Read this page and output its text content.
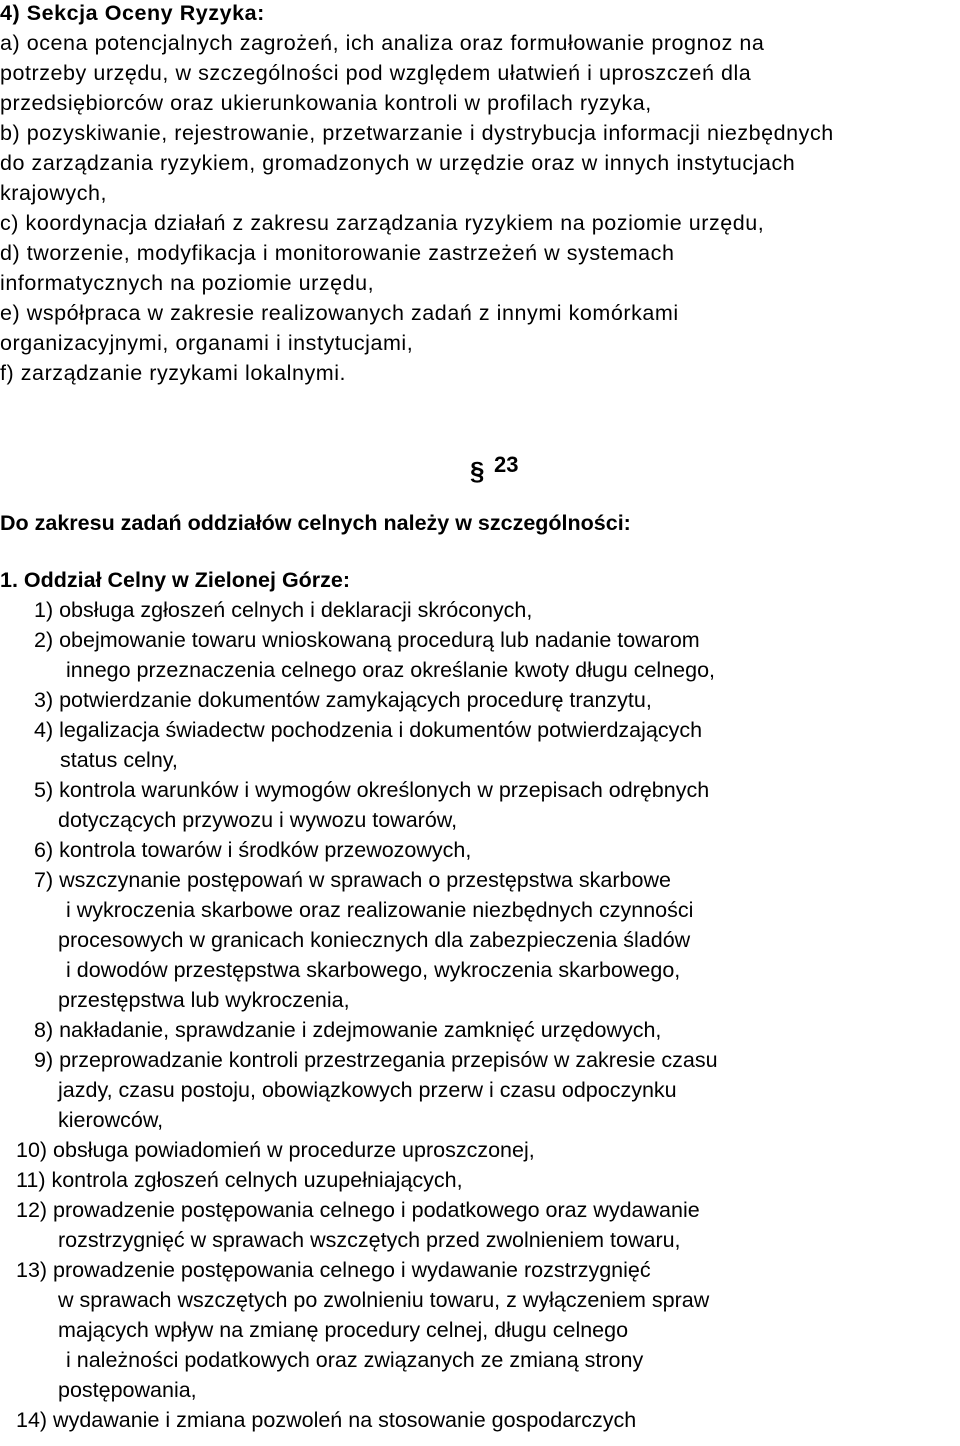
4) Sekcja Oceny Ryzyka:
a) ocena potencjalnych zagrożeń, ich analiza oraz formułowanie prognoz na
potrzeby urzędu, w szczególności pod względem ułatwień i uproszczeń dla
przedsiębiorców oraz ukierunkowania kontroli w profilach ryzyka,
b) pozyskiwanie, rejestrowanie, przetwarzanie i dystrybucja informacji niezbędnych
do zarządzania ryzykiem, gromadzonych w urzędzie oraz w innych instytucjach
krajowych,
c) koordynacja działań z zakresu zarządzania ryzykiem na poziomie urzędu,
d) tworzenie, modyfikacja i monitorowanie zastrzeżeń w systemach
informatycznych na poziomie urzędu,
e) współpraca w zakresie realizowanych zadań z innymi komórkami
organizacyjnymi, organami i instytucjami,
f) zarządzanie ryzykami lokalnymi.
§ 23
Do zakresu zadań oddziałów celnych należy w szczególności:
1. Oddział Celny w Zielonej Górze:
1) obsługa zgłoszeń celnych i deklaracji skróconych,
2) obejmowanie towaru wnioskowaną procedurą lub nadanie towarom
innego przeznaczenia celnego oraz określanie kwoty długu celnego,
3) potwierdzanie dokumentów zamykających procedurę tranzytu,
4) legalizacja świadectw pochodzenia i dokumentów potwierdzających
status celny,
5) kontrola warunków i wymogów określonych w przepisach odrębnych
dotyczących przywozu i wywozu towarów,
6) kontrola towarów i środków przewozowych,
7) wszczynanie postępowań w sprawach o przestępstwa skarbowe
i wykroczenia skarbowe oraz realizowanie niezbędnych czynności
procesowych w granicach koniecznych dla zabezpieczenia śladów
i dowodów przestępstwa skarbowego, wykroczenia skarbowego,
przestępstwa lub wykroczenia,
8) nakładanie, sprawdzanie i zdejmowanie zamknięć urzędowych,
9) przeprowadzanie kontroli przestrzegania przepisów w zakresie czasu
jazdy, czasu postoju, obowiązkowych przerw i czasu odpoczynku
kierowców,
10) obsługa powiadomień w procedurze uproszczonej,
11) kontrola zgłoszeń celnych uzupełniających,
12) prowadzenie postępowania celnego i podatkowego oraz wydawanie
rozstrzygnięć w sprawach wszczętych przed zwolnieniem towaru,
13) prowadzenie postępowania celnego i wydawanie rozstrzygnięć
w sprawach wszczętych po zwolnieniu towaru, z wyłączeniem spraw
mających wpływ na zmianę procedury celnej, długu celnego
i należności podatkowych oraz związanych ze zmianą strony
postępowania,
14) wydawanie i zmiana pozwoleń na stosowanie gospodarczych
